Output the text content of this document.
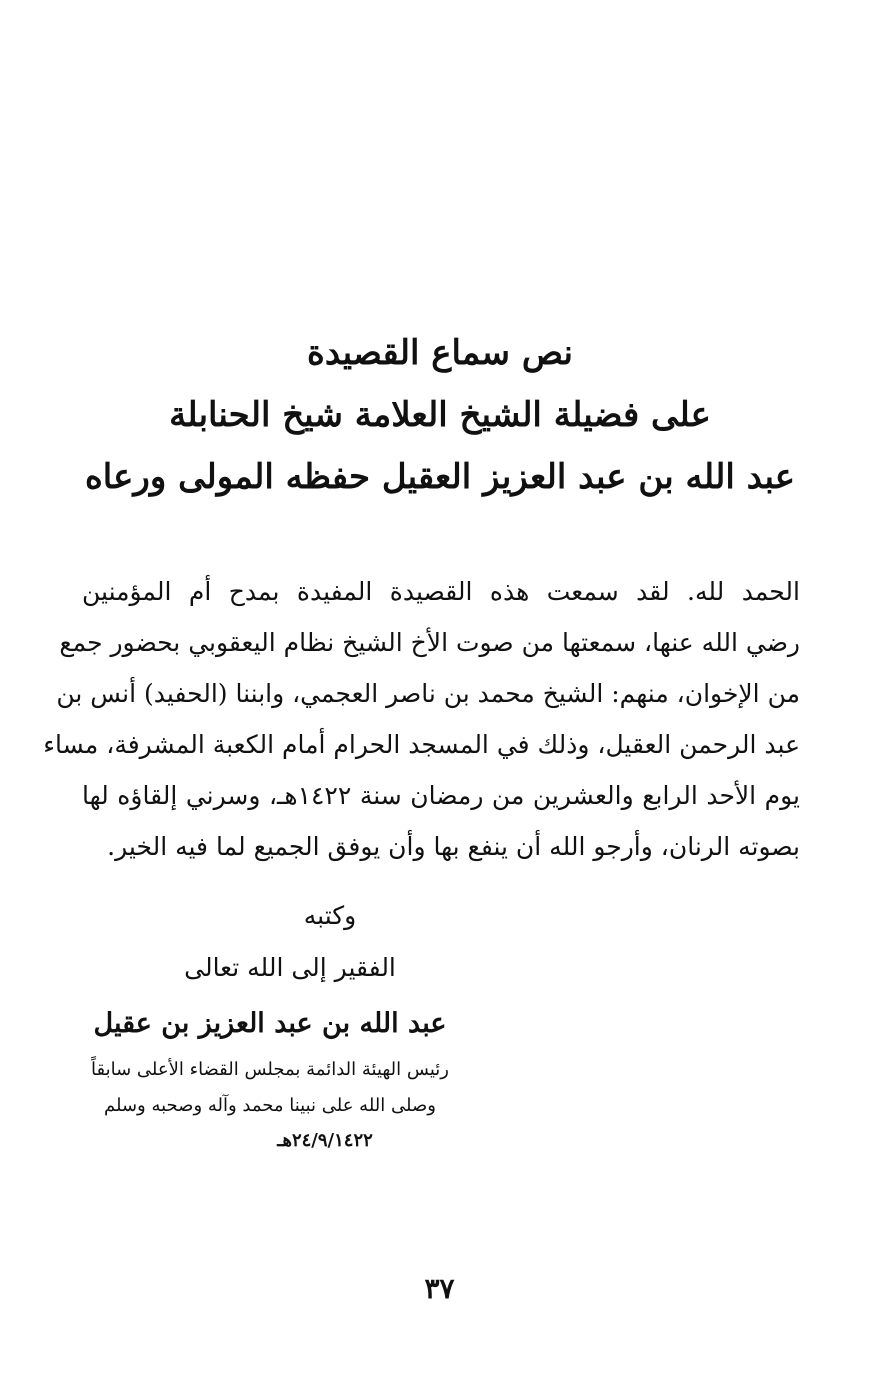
نص سماع القصيدة
على فضيلة الشيخ العلامة شيخ الحنابلة
عبد الله بن عبد العزيز العقيل حفظه المولى ورعاه
الحمد لله. لقد سمعت هذه القصيدة المفيدة بمدح أم المؤمنين
رضي الله عنها، سمعتها من صوت الأخ الشيخ نظام اليعقوبي بحضور جمع
من الإخوان، منهم: الشيخ محمد بن ناصر العجمي، وابننا (الحفيد) أنس بن
عبد الرحمن العقيل، وذلك في المسجد الحرام أمام الكعبة المشرفة، مساء
يوم الأحد الرابع والعشرين من رمضان سنة ١٤٢٢هـ، وسرني إلقاؤه لها
بصوته الرنان، وأرجو الله أن ينفع بها وأن يوفق الجميع لما فيه الخير.
وكتبه
الفقير إلى الله تعالى
عبد الله بن عبد العزيز بن عقيل
رئيس الهيئة الدائمة بمجلس القضاء الأعلى سابقاً
وصلى الله على نبينا محمد وآله وصحبه وسلم
٢٤/٩/١٤٢٢هـ
٣٧
